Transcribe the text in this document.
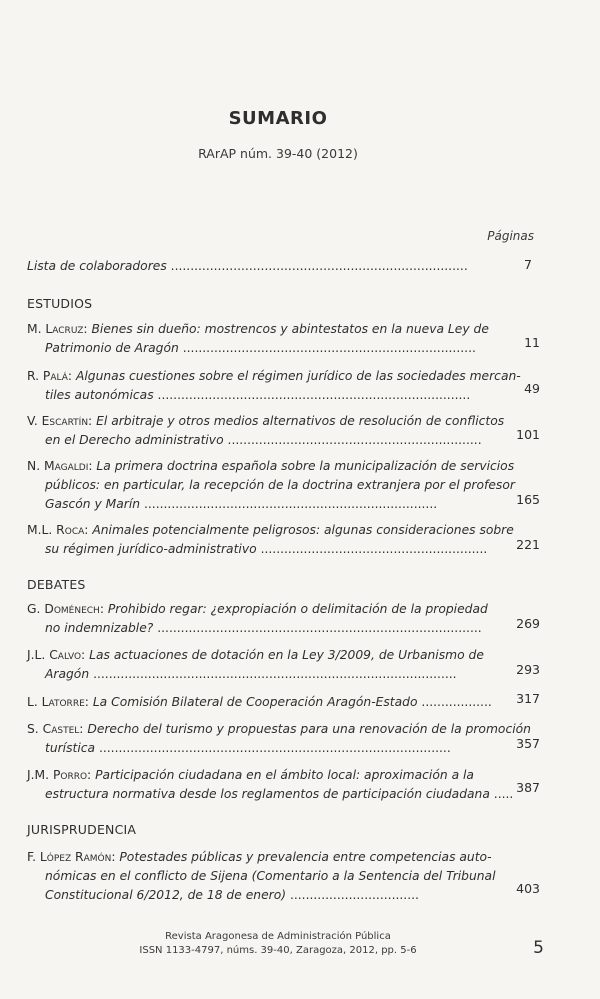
SUMARIO
RArAP núm. 39-40 (2012)
Páginas
Lista de colaboradores ............................................................................	7
ESTUDIOS
M. Lacruz: Bienes sin dueño: mostrencos y abintestatos en la nueva Ley de
Patrimonio de Aragón ...........................................................................	11
R. Palá: Algunas cuestiones sobre el régimen jurídico de las sociedades mercan-
tiles autonómicas ................................................................................	49
V. Escartín: El arbitraje y otros medios alternativos de resolución de conflictos
en el Derecho administrativo .................................................................	101
N. Magaldi: La primera doctrina española sobre la municipalización de servicios
públicos: en particular, la recepción de la doctrina extranjera por el profesor
Gascón y Marín ...........................................................................	165
M.L. Roca: Animales potencialmente peligrosos: algunas consideraciones sobre
su régimen jurídico-administrativo ..........................................................	221
DEBATES
G. Doménech: Prohibido regar: ¿expropiación o delimitación de la propiedad
no indemnizable? ...................................................................................	269
J.L. Calvo: Las actuaciones de dotación en la Ley 3/2009, de Urbanismo de
Aragón .............................................................................................	293
L. Latorre: La Comisión Bilateral de Cooperación Aragón-Estado ..................	317
S. Castel: Derecho del turismo y propuestas para una renovación de la promoción
turística ..........................................................................................	357
J.M. Porro: Participación ciudadana en el ámbito local: aproximación a la
estructura normativa desde los reglamentos de participación ciudadana ..... 387
JURISPRUDENCIA
F. López Ramón: Potestades públicas y prevalencia entre competencias auto-
nómicas en el conflicto de Sijena (Comentario a la Sentencia del Tribunal
Constitucional 6/2012, de 18 de enero) .................................	403
Revista Aragonesa de Administración Pública
ISSN 1133-4797, núms. 39-40, Zaragoza, 2012, pp. 5-6	5
